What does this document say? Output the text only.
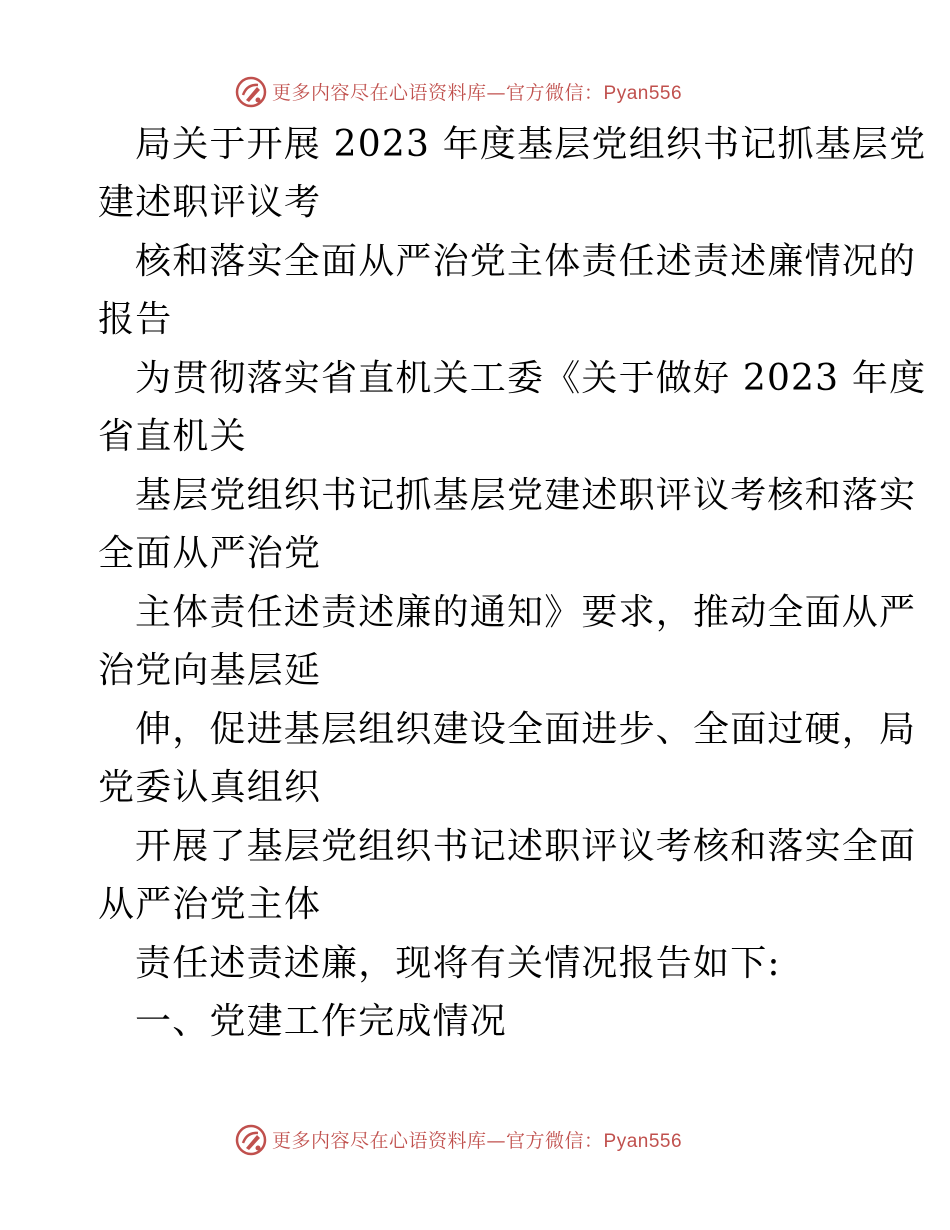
更多内容尽在心语资料库—官方微信：Pyan556
局关于开展 2023 年度基层党组织书记抓基层党
建述职评议考
核和落实全面从严治党主体责任述责述廉情况的
报告
为贯彻落实省直机关工委《关于做好 2023 年度
省直机关
基层党组织书记抓基层党建述职评议考核和落实
全面从严治党
主体责任述责述廉的通知》要求，推动全面从严
治党向基层延
伸，促进基层组织建设全面进步、全面过硬，局
党委认真组织
开展了基层党组织书记述职评议考核和落实全面
从严治党主体
责任述责述廉，现将有关情况报告如下:
一、党建工作完成情况
更多内容尽在心语资料库—官方微信：Pyan556
